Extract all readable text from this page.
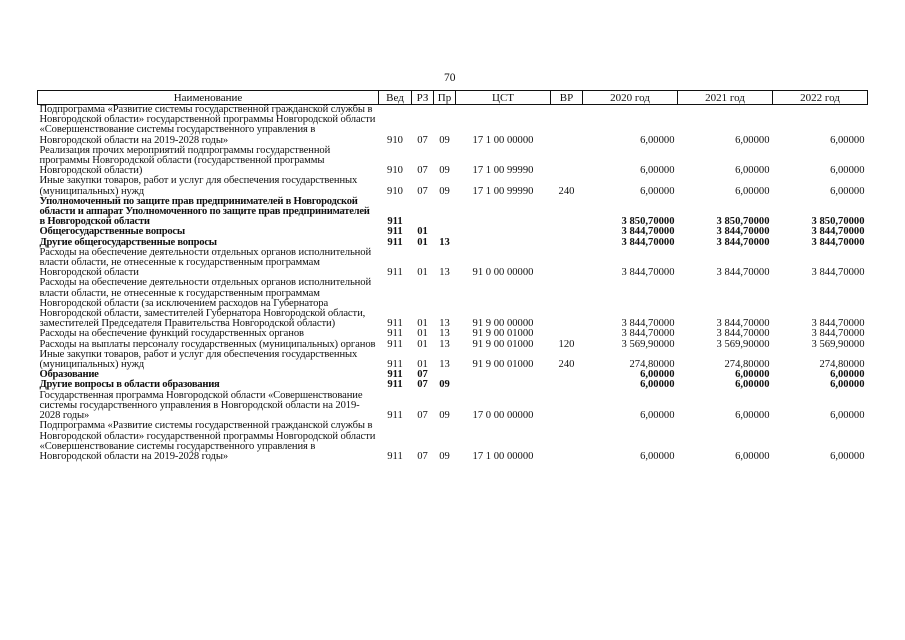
70
Наименование	Вед	РЗ	Пр	ЦСТ	ВР	2020 год	2021 год	2022 год
Подпрограмма «Развитие системы государственной гражданской службы в Новгородской области» государственной программы Новгородской области «Совершенствование системы государственного управления в Новгородской области на 2019-2028 годы»	910	07	09	17 1 00 00000		6,00000	6,00000	6,00000
Реализация прочих мероприятий подпрограммы государственной программы Новгородской области (государственной программы Новгородской области)	910	07	09	17 1 00 99990		6,00000	6,00000	6,00000
Иные закупки товаров, работ и услуг для обеспечения государственных (муниципальных) нужд	910	07	09	17 1 00 99990	240	6,00000	6,00000	6,00000
Уполномоченный по защите прав предпринимателей в Новгородской области и аппарат Уполномоченного по защите прав предпринимателей в Новгородской области	911					3 850,70000	3 850,70000	3 850,70000
Общегосударственные вопросы	911	01				3 844,70000	3 844,70000	3 844,70000
Другие общегосударственные вопросы	911	01	13			3 844,70000	3 844,70000	3 844,70000
Расходы на обеспечение деятельности отдельных органов исполнительной власти области, не отнесенные к государственным программам Новгородской области	911	01	13	91 0 00 00000		3 844,70000	3 844,70000	3 844,70000
Расходы на обеспечение деятельности отдельных органов исполнительной власти области, не отнесенные к государственным программам Новгородской области (за исключением расходов на Губернатора Новгородской области, заместителей Губернатора Новгородской области, заместителей Председателя Правительства Новгородской области)	911	01	13	91 9 00 00000		3 844,70000	3 844,70000	3 844,70000
Расходы на обеспечение функций государственных органов	911	01	13	91 9 00 01000		3 844,70000	3 844,70000	3 844,70000
Расходы на выплаты персоналу государственных (муниципальных) органов	911	01	13	91 9 00 01000	120	3 569,90000	3 569,90000	3 569,90000
Иные закупки товаров, работ и услуг для обеспечения государственных (муниципальных) нужд	911	01	13	91 9 00 01000	240	274,80000	274,80000	274,80000
Образование	911	07				6,00000	6,00000	6,00000
Другие вопросы в области образования	911	07	09			6,00000	6,00000	6,00000
Государственная программа Новгородской области «Совершенствование системы государственного управления в Новгородской области на 2019-2028 годы»	911	07	09	17 0 00 00000		6,00000	6,00000	6,00000
Подпрограмма «Развитие системы государственной гражданской службы в Новгородской области» государственной программы Новгородской области «Совершенствование системы государственного управления в Новгородской области на 2019-2028 годы»	911	07	09	17 1 00 00000		6,00000	6,00000	6,00000
